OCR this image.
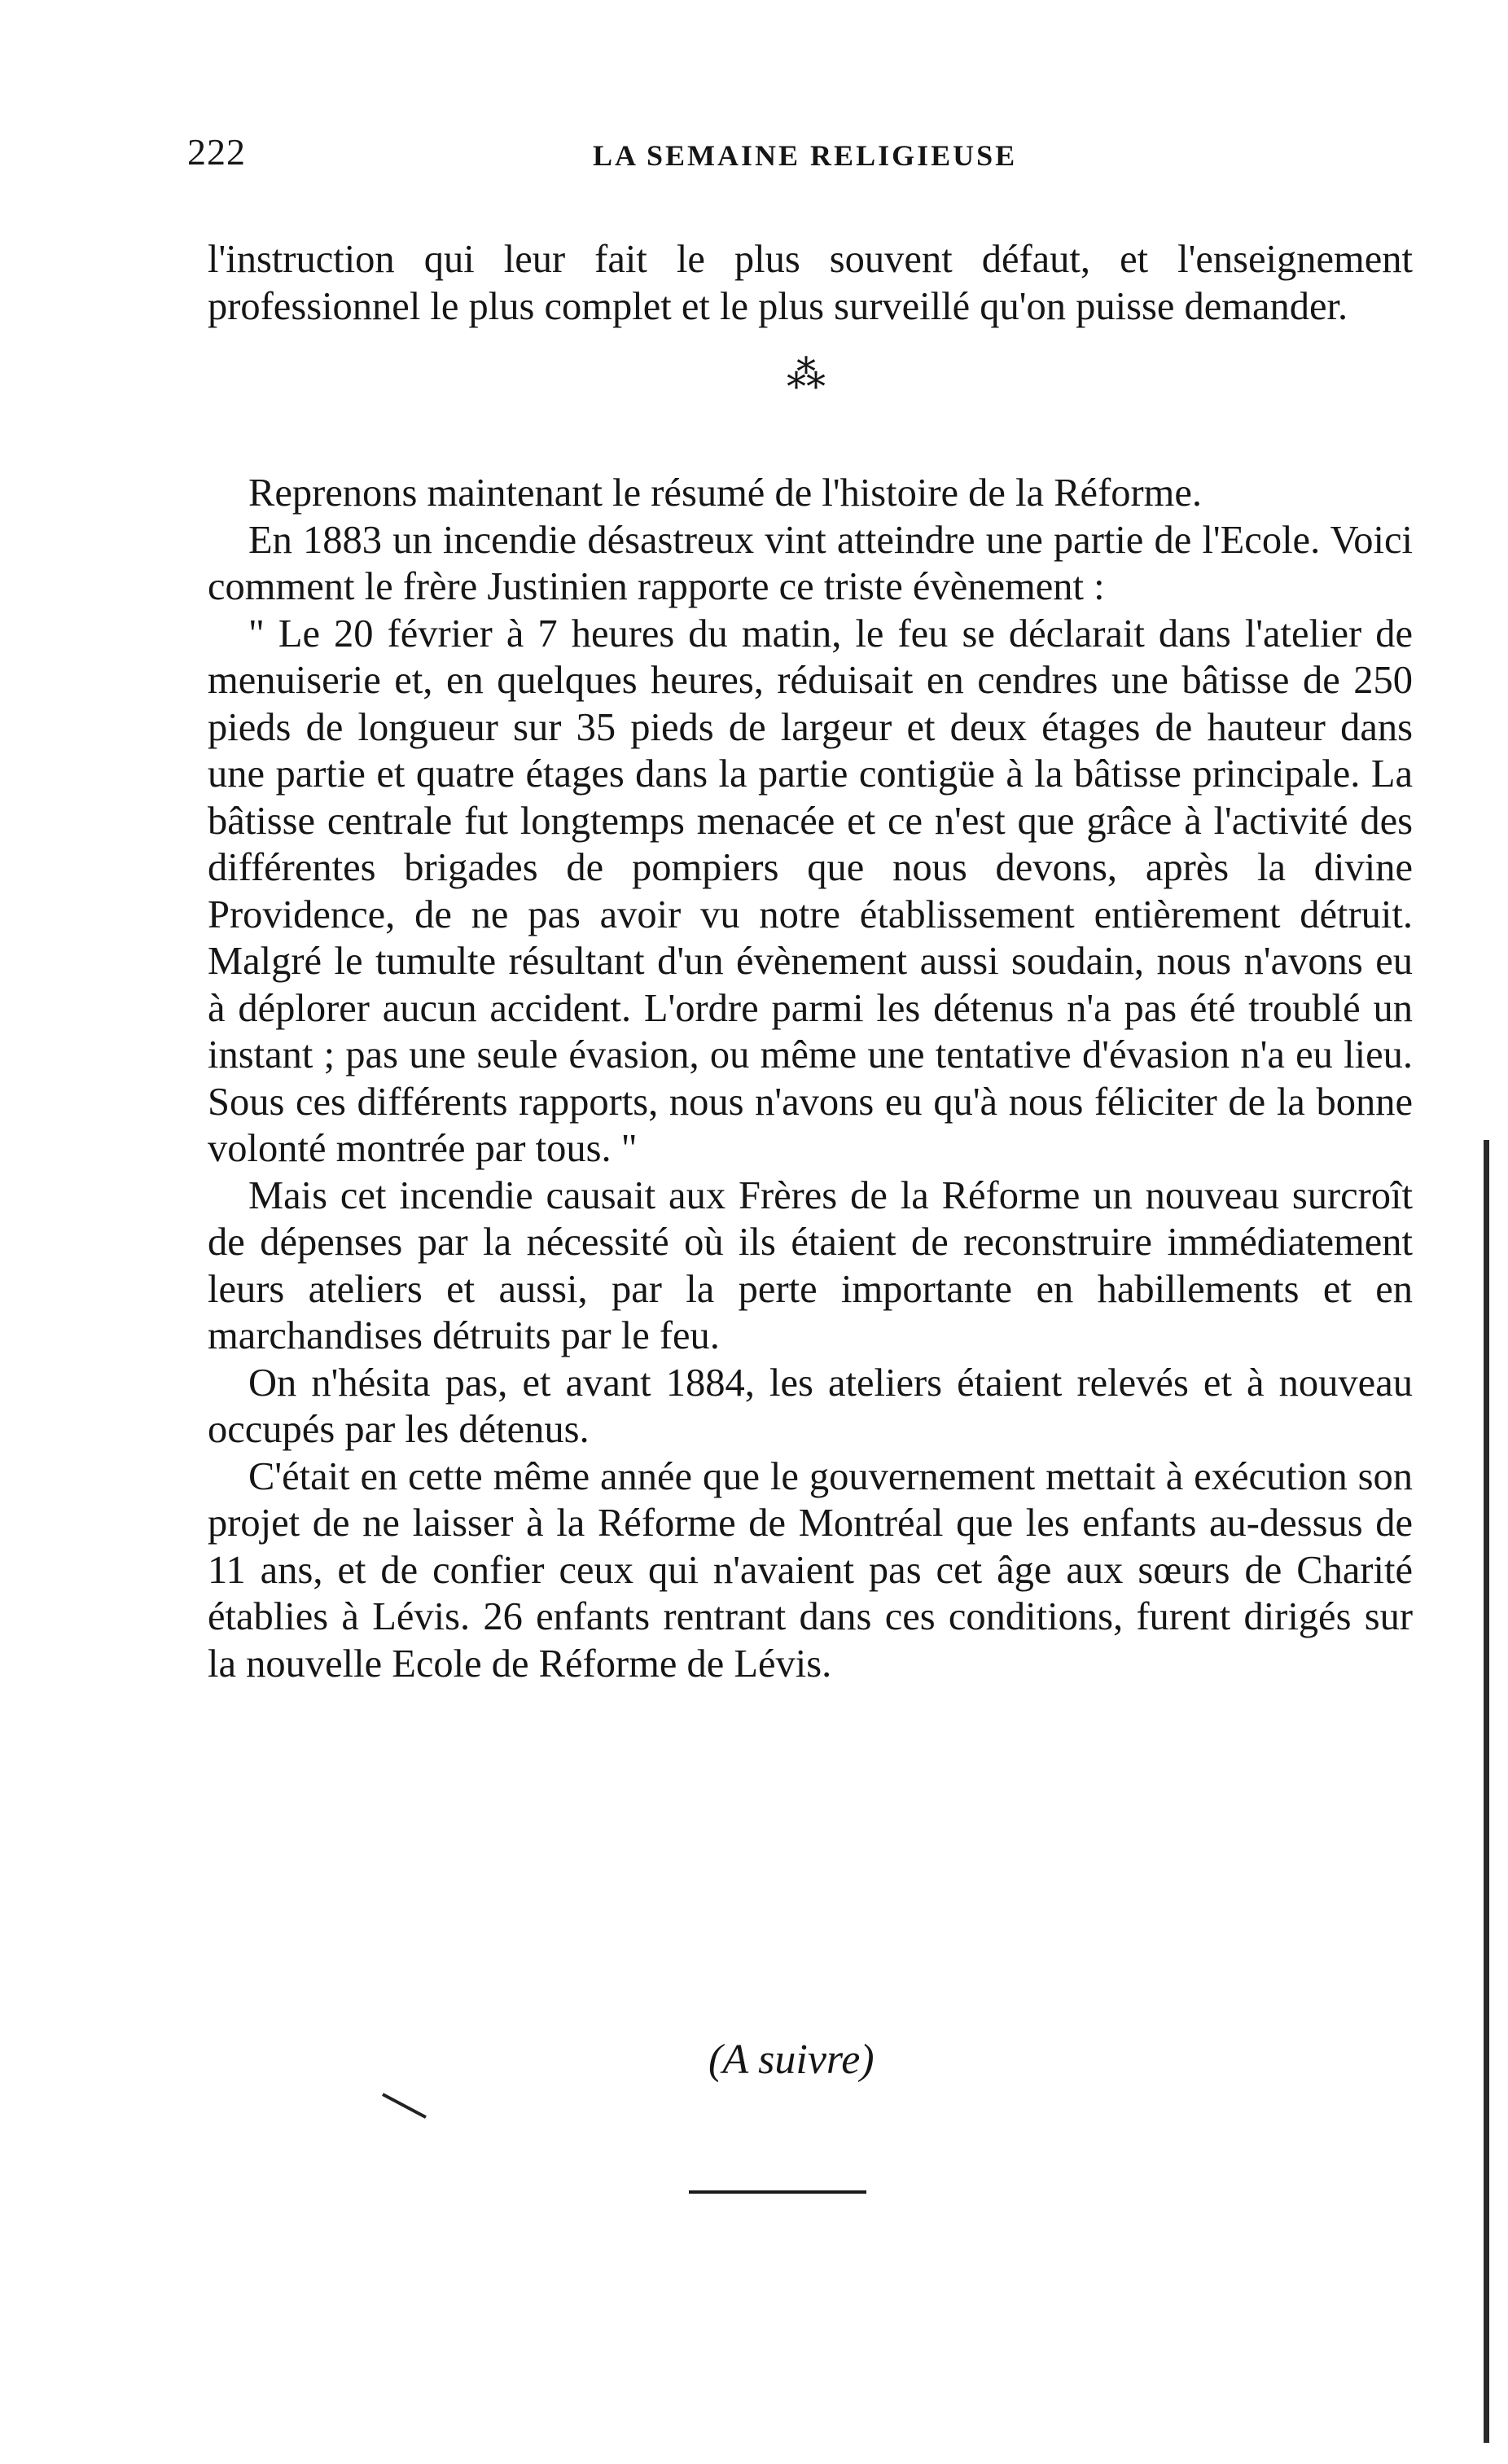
222	LA SEMAINE RELIGIEUSE

l'instruction qui leur fait le plus souvent défaut, et l'enseignement professionnel le plus complet et le plus surveillé qu'on puisse demander.

⁂

Reprenons maintenant le résumé de l'histoire de la Réforme.

En 1883 un incendie désastreux vint atteindre une partie de l'Ecole. Voici comment le frère Justinien rapporte ce triste évènement :

" Le 20 février à 7 heures du matin, le feu se déclarait dans l'atelier de menuiserie et, en quelques heures, réduisait en cendres une bâtisse de 250 pieds de longueur sur 35 pieds de largeur et deux étages de hauteur dans une partie et quatre étages dans la partie contigüe à la bâtisse principale. La bâtisse centrale fut longtemps menacée et ce n'est que grâce à l'activité des différentes brigades de pompiers que nous devons, après la divine Providence, de ne pas avoir vu notre établissement entièrement détruit. Malgré le tumulte résultant d'un évènement aussi soudain, nous n'avons eu à déplorer aucun accident. L'ordre parmi les détenus n'a pas été troublé un instant ; pas une seule évasion, ou même une tentative d'évasion n'a eu lieu. Sous ces différents rapports, nous n'avons eu qu'à nous féliciter de la bonne volonté montrée par tous. "

Mais cet incendie causait aux Frères de la Réforme un nouveau surcroît de dépenses par la nécessité où ils étaient de reconstruire immédiatement leurs ateliers et aussi, par la perte importante en habillements et en marchandises détruits par le feu.

On n'hésita pas, et avant 1884, les ateliers étaient relevés et à nouveau occupés par les détenus.

C'était en cette même année que le gouvernement mettait à exécution son projet de ne laisser à la Réforme de Montréal que les enfants au-dessus de 11 ans, et de confier ceux qui n'avaient pas cet âge aux sœurs de Charité établies à Lévis. 26 enfants rentrant dans ces conditions, furent dirigés sur la nouvelle Ecole de Réforme de Lévis.

(A suivre)
